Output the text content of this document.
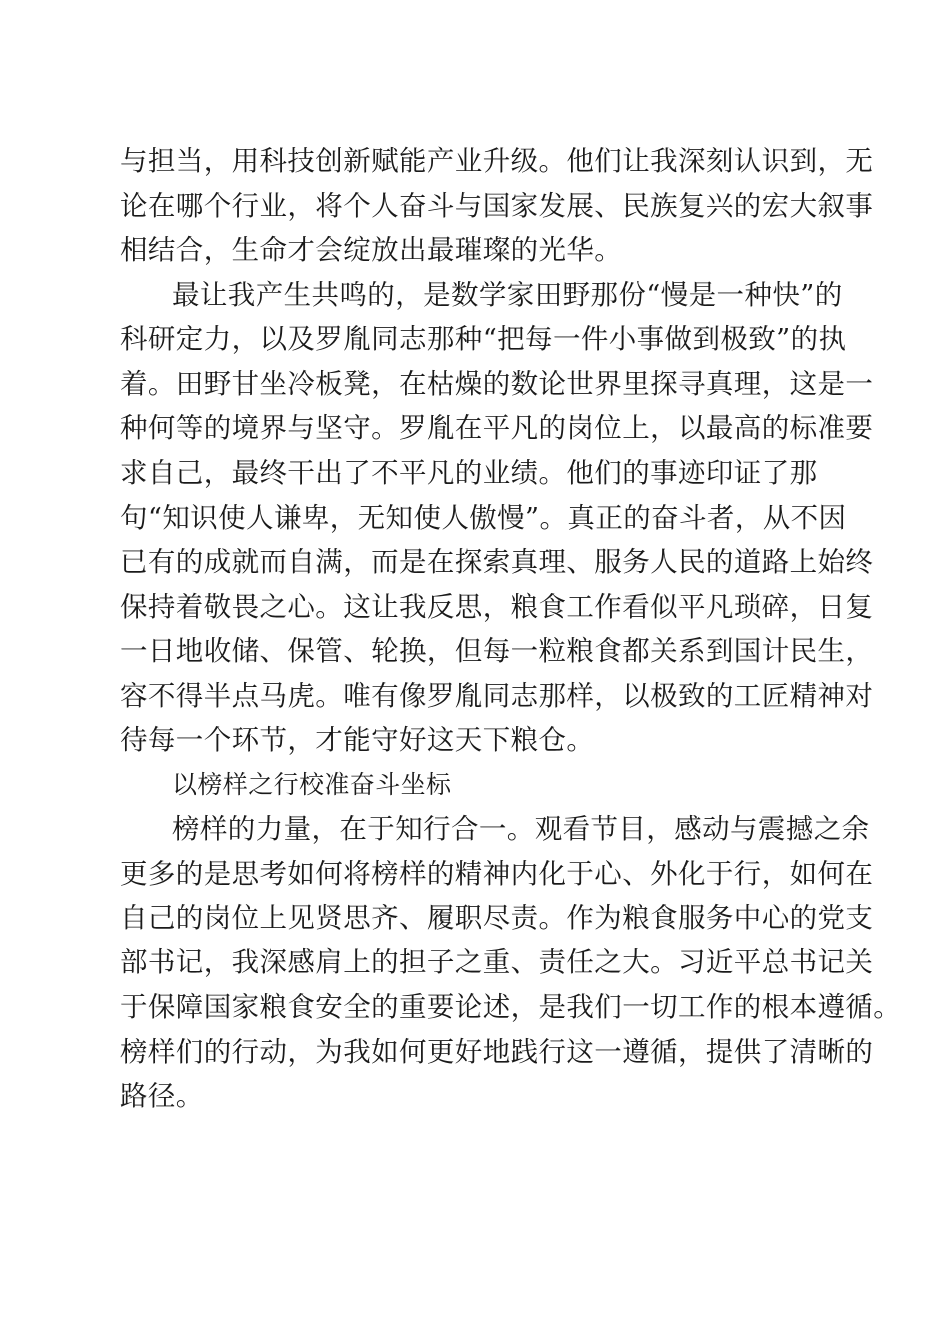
与担当，用科技创新赋能产业升级。他们让我深刻认识到，无
论在哪个行业，将个人奋斗与国家发展、民族复兴的宏大叙事
相结合，生命才会绽放出最璀璨的光华。
最让我产生共鸣的，是数学家田野那份“慢是一种快”的
科研定力，以及罗胤同志那种“把每一件小事做到极致”的执
着。田野甘坐冷板凳，在枯燥的数论世界里探寻真理，这是一
种何等的境界与坚守。罗胤在平凡的岗位上，以最高的标准要
求自己，最终干出了不平凡的业绩。他们的事迹印证了那
句“知识使人谦卑，无知使人傲慢”。真正的奋斗者，从不因
已有的成就而自满，而是在探索真理、服务人民的道路上始终
保持着敬畏之心。这让我反思，粮食工作看似平凡琐碎，日复
一日地收储、保管、轮换，但每一粒粮食都关系到国计民生，
容不得半点马虎。唯有像罗胤同志那样，以极致的工匠精神对
待每一个环节，才能守好这天下粮仓。
以榜样之行校准奋斗坐标
榜样的力量，在于知行合一。观看节目，感动与震撼之余
更多的是思考如何将榜样的精神内化于心、外化于行，如何在
自己的岗位上见贤思齐、履职尽责。作为粮食服务中心的党支
部书记，我深感肩上的担子之重、责任之大。习近平总书记关
于保障国家粮食安全的重要论述，是我们一切工作的根本遵循。
榜样们的行动，为我如何更好地践行这一遵循，提供了清晰的
路径。
